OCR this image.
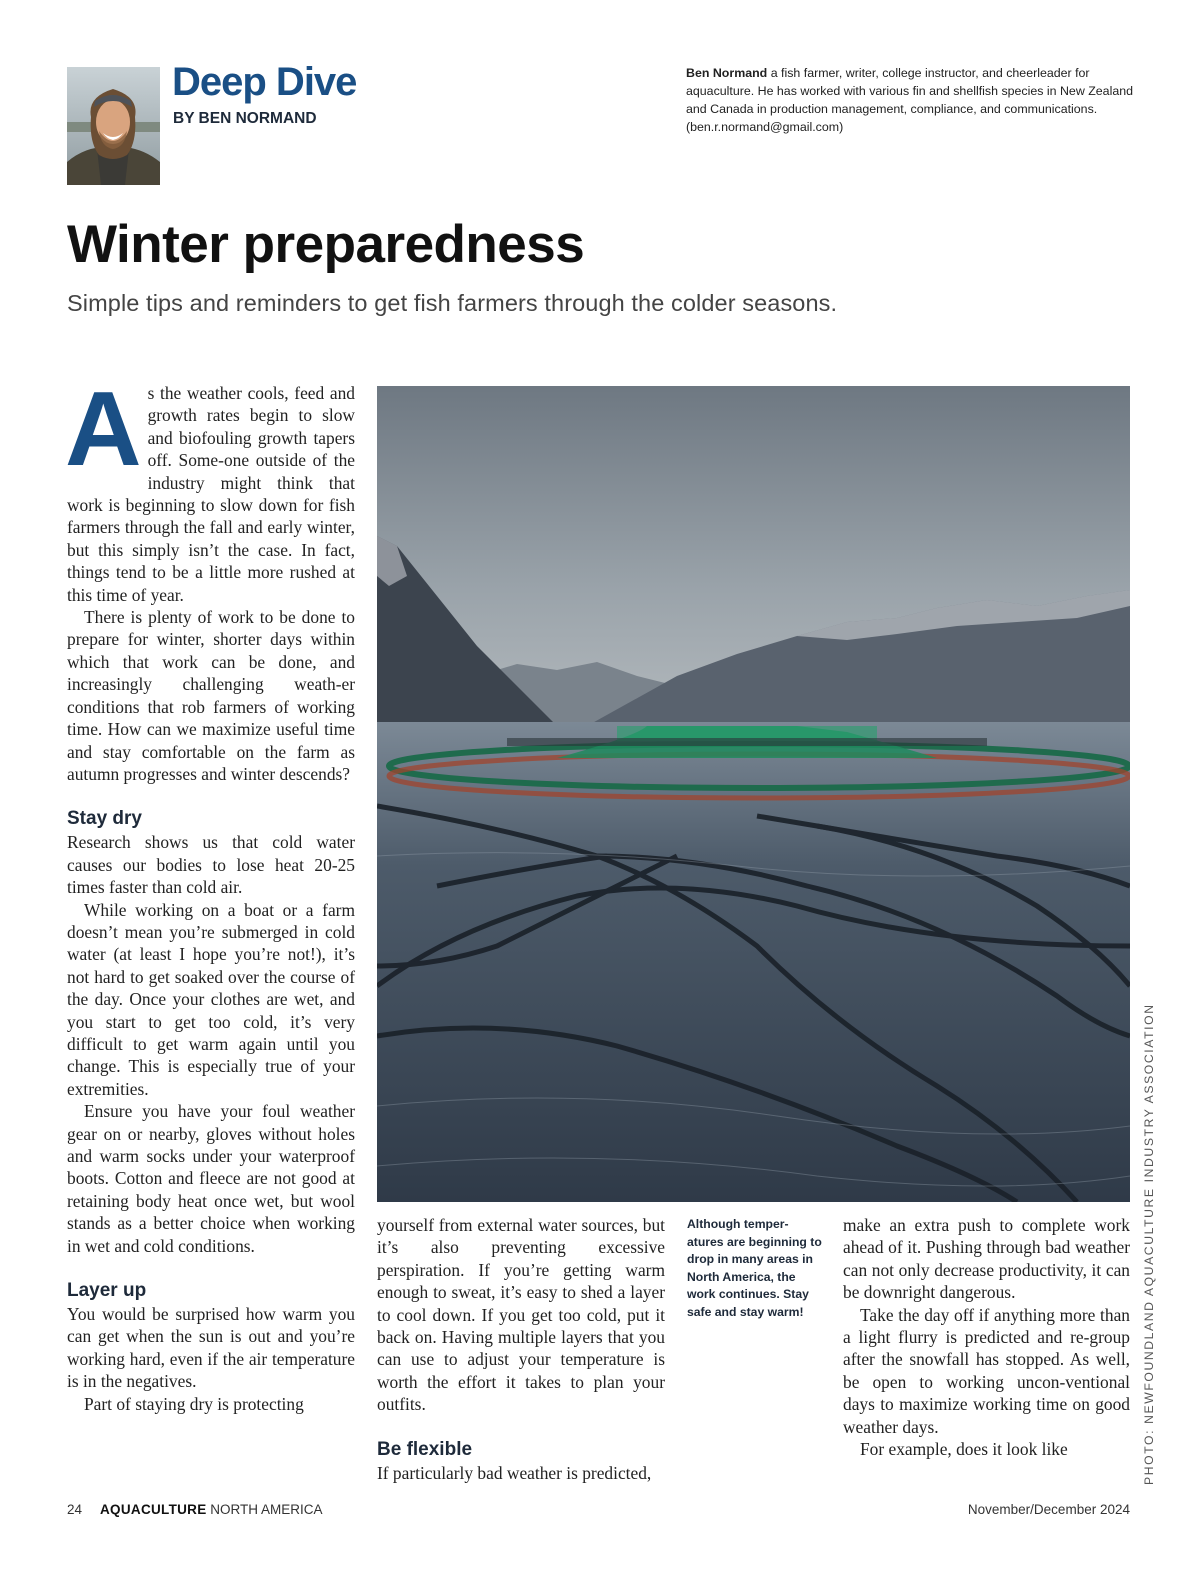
Deep Dive
BY BEN NORMAND

Ben Normand a fish farmer, writer, college instructor, and cheerleader for aquaculture. He has worked with various fin and shellfish species in New Zealand and Canada in production management, compliance, and communications. (ben.r.normand@gmail.com)

Winter preparedness

Simple tips and reminders to get fish farmers through the colder seasons.

As the weather cools, feed and growth rates begin to slow and biofouling growth tapers off. Some-one outside of the industry might think that work is beginning to slow down for fish farmers through the fall and early winter, but this simply isn’t the case. In fact, things tend to be a little more rushed at this time of year.

There is plenty of work to be done to prepare for winter, shorter days within which that work can be done, and increasingly challenging weath-er conditions that rob farmers of working time. How can we maximize useful time and stay comfortable on the farm as autumn progresses and winter descends?

Stay dry

Research shows us that cold water causes our bodies to lose heat 20-25 times faster than cold air.

While working on a boat or a farm doesn’t mean you’re submerged in cold water (at least I hope you’re not!), it’s not hard to get soaked over the course of the day. Once your clothes are wet, and you start to get too cold, it’s very difficult to get warm again until you change. This is especially true of your extremities.

Ensure you have your foul weather gear on or nearby, gloves without holes and warm socks under your waterproof boots. Cotton and fleece are not good at retaining body heat once wet, but wool stands as a better choice when working in wet and cold conditions.

Layer up

You would be surprised how warm you can get when the sun is out and you’re working hard, even if the air temperature is in the negatives.

Part of staying dry is protecting	PHOTO: NEWFOUNDLAND AQUACULTURE INDUSTRY ASSOCIATION

yourself from external water sources, but it’s also preventing excessive perspiration. If you’re getting warm enough to sweat, it’s easy to shed a layer to cool down. If you get too cold, put it back on. Having multiple layers that you can use to adjust your temperature is worth the effort it takes to plan your outfits.

Be flexible

If particularly bad weather is predicted,

Although temper-atures are beginning to drop in many areas in North America, the work continues. Stay safe and stay warm!

make an extra push to complete work ahead of it. Pushing through bad weather can not only decrease productivity, it can be downright dangerous.

Take the day off if anything more than a light flurry is predicted and re-group after the snowfall has stopped. As well, be open to working uncon-ventional days to maximize working time on good weather days.

For example, does it look like

24 AQUACULTURE NORTH AMERICA	November/December 2024
